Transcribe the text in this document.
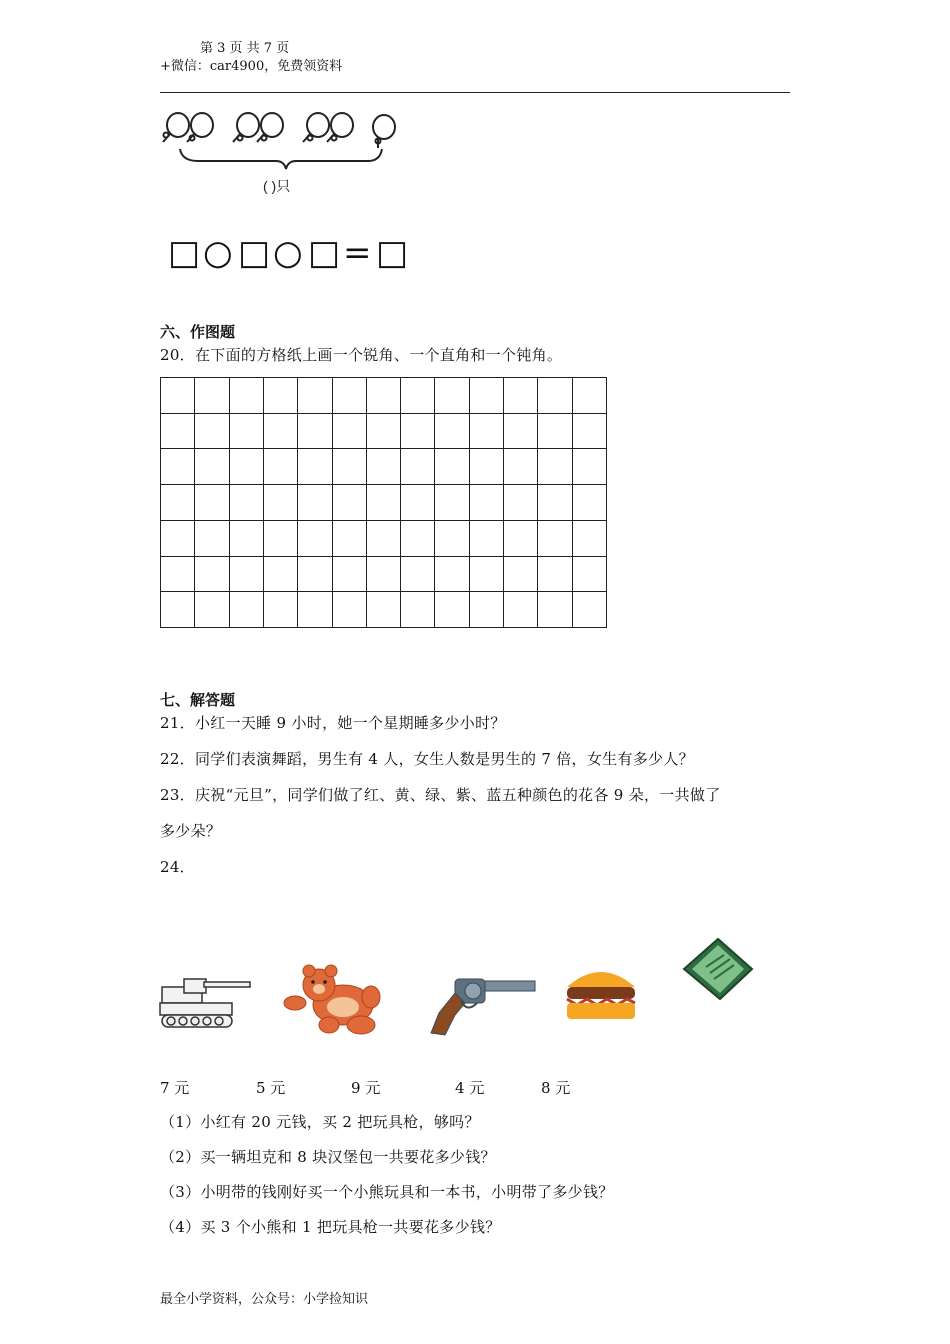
第 3 页 共 7 页
+微信：car4900，免费领资料
( )只
□ ○ □ ○ □ = □
六、作图题
20．在下面的方格纸上画一个锐角、一个直角和一个钝角。
七、解答题
21．小红一天睡 9 小时，她一个星期睡多少小时？
22．同学们表演舞蹈，男生有 4 人，女生人数是男生的 7 倍，女生有多少人？
23．庆祝“元旦”，同学们做了红、黄、绿、紫、蓝五种颜色的花各 9 朵，一共做了
多少朵？
24．
7 元	5 元	9 元	4 元	8 元
（1）小红有 20 元钱，买 2 把玩具枪，够吗？
（2）买一辆坦克和 8 块汉堡包一共要花多少钱？
（3）小明带的钱刚好买一个小熊玩具和一本书，小明带了多少钱？
（4）买 3 个小熊和 1 把玩具枪一共要花多少钱？
最全小学资料，公众号：小学捡知识
